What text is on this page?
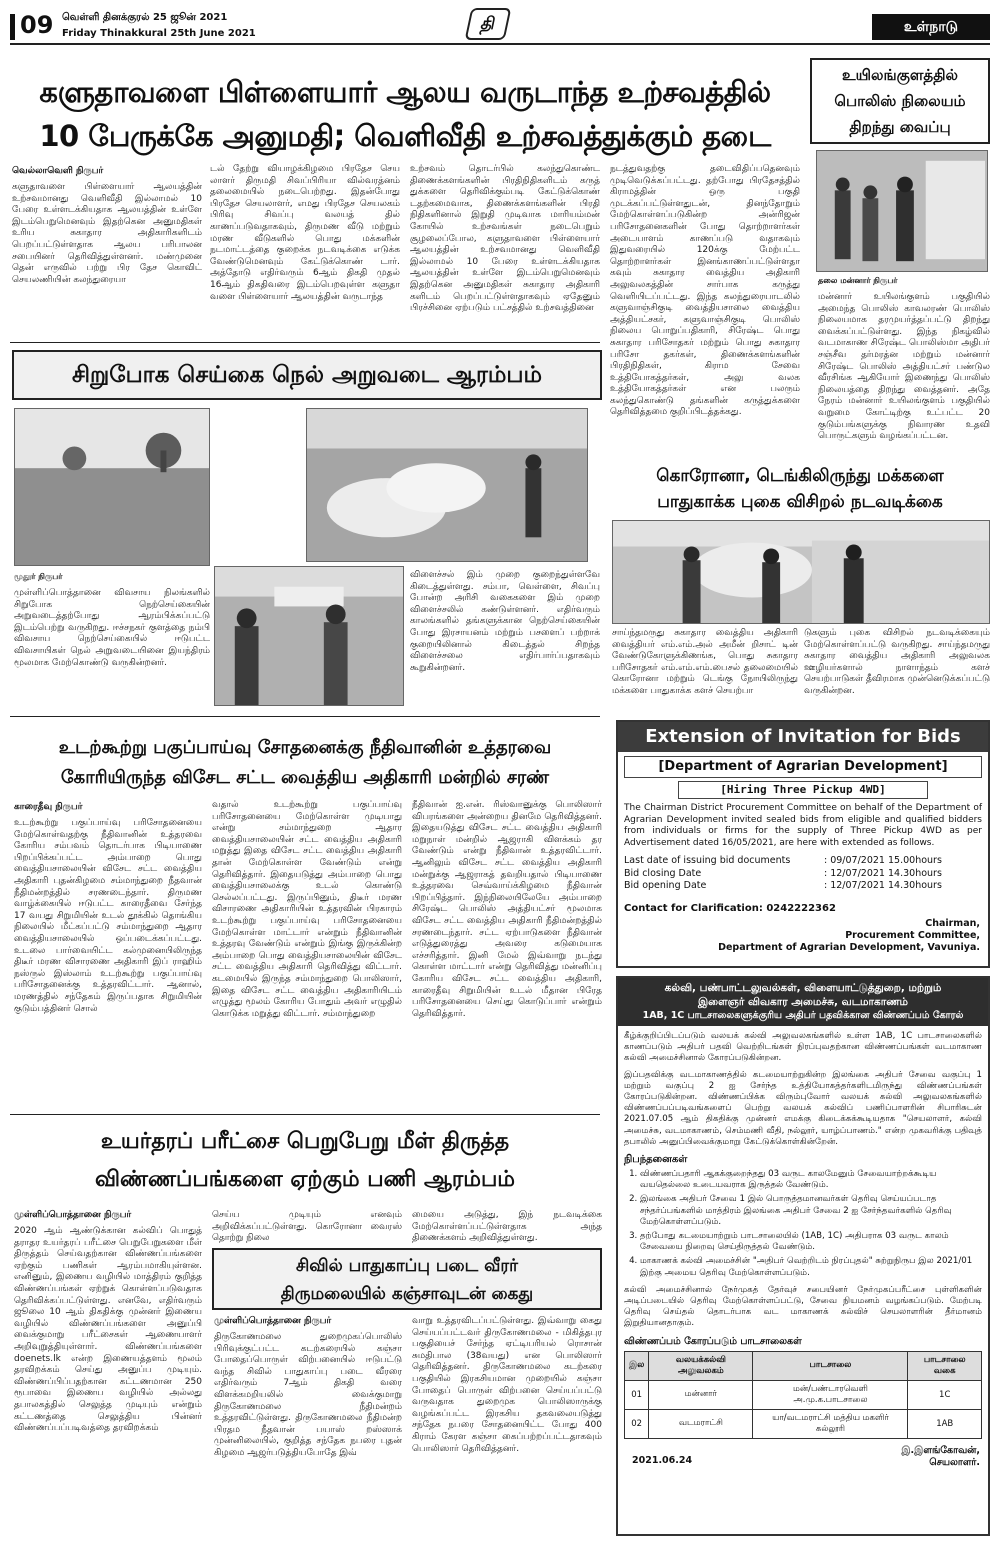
09 வெள்ளி தினக்குரல் 25 ஜூன் 2021
Friday Thinakkural 25th June 2021	தி	உள்நாடு
களுதாவளை பிள்ளையார் ஆலய வருடாந்த உற்சவத்தில்
10 பேருக்கே அனுமதி; வெளிவீதி உற்சவத்துக்கும் தடை
வெல்லாவெளி நிருபர்
களுதாவளை பிள்ளையார் ஆலயத்தின் உற்சவமானது வெளிவீதி இல்லாமல் 10 பேரை உள்ளடக்கியதாக ஆலயத்தின் உள்ளே இடம்பெறுமெனவும் இதற்கென அனுமதிகள் உரிய சுகாதார அதிகாரிகளிடம் பெறப்பட்டுள்ளதாக ஆலய பரிபாலன சபையினர் தெரிவித்துள்ளனர். மண்முனை தென் எருவில் பற்று பிர தேச கொவிட் செயலணியின் கலந்துரையா
டல் தேற்று வியாழக்கிழமை பிரதேச செய லாளர் திருமதி சிவப்பிரியா வில்வரத்னம் தலைமையில் நடைபெற்றது. இதன்போது பிரதேச செயலாளர், எமது பிரதேச செயலகம் பிரிவு சிவப்பு வலயத் தில் காணப்படுவதாகவும், திருமண வீடு மற்றும் மரண வீடுகளில் பொது மக்களின் நடமாட்டத்தை குறைக்க நடவடிக்கை எடுக்க வேண்டுமெனவும் கேட்டுக்கொண் டார். அத்தோடு எதிர்வரும் 6ஆம் திகதி முதல் 16ஆம் திகதிவரை இடம்பெறவுள்ள களுதா வளை பிள்ளையார் ஆலயத்தின் வருடாந்த
உற்சவம் தொடர்பில் கலந்துகொண்ட திணைக்களங்களின் பிரதிநிதிகளிடம் கருத் துக்களை தெரிவிக்கும்படி கேட்டுக்கொண் டதற்கமைவாக, திணைக்களங்களின் பிரதி நிதிகளினால் இறுதி முடிவாக மாரியம்மன் கோயில் உற்சவங்கள் நடைபெறும் சூழலைப்போல, களுதாவளை பிள்ளையார் ஆலயத்தின் உற்சவமானது வெளிவீதி இல்லாமல் 10 பேரை உள்ளடக்கியதாக ஆலயத்தின் உள்ளே இடம்பெறுமெனவும் இதற்கென அனுமதிகள் சுகாதார அதிகாரி களிடம் பெறப்பட்டுள்ளதாகவும் ஏதேனும் பிரச்சினை ஏற்படும் பட்சத்தில் உற்சவத்தினை
நடத்துவதற்கு தடைவிதிப்பதெனவும் முடிவெடுக்கப்பட்டது. தற்போது பிரதேசத்தில் கிராமத்தின் ஒரு பகுதி முடக்கப்பட்டுள்ளதுடன், தினந்தோறும் மேற்கொள்ளப்படுகின்ற அன்ரிஜன் பரிசோதனைகளின் போது தொற்றாளர்கள் அடையாளம் காணப்படு வதாகவும் இதுவரையில் 120க்கு மேற்பட்ட தொற்றாளர்கள் இனங்காணப்பட்டுள்ளதா கவும் சுகாதார வைத்திய அதிகாரி அலுவலகத்தின் சார்பாக கருத்து வெளியிடப்பட்டது. இந்த கலந்துரையாடலில் களுவாஞ்சிகுடி வைத்தியசாலை வைத்திய அத்தியட்சகர், களுவாஞ்சிகுடி பொலிஸ் நிலைய பொறுப்பதிகாரி, சிரேஷ்ட பொது சுகாதார பரிசோதகர் மற்றும் பொது சுகாதார பரிசோ தகர்கள், திணைக்களங்களின் பிரதிநிதிகள், கிராம சேவை உத்தியோகத்தர்கள், அலு வலக உத்தியோகத்தர்கள் என பலரும் கலந்துகொண்டு தங்களின் கருத்துக்களை தெரிவித்தமை குறிப்பிடத்தக்கது.
உயிலங்குளத்தில்
பொலிஸ் நிலையம்
திறந்து வைப்பு
தலை மன்னார் நிருபர்
மன்னார் உயிலங்குளம் பகுதியில் அமைந்த பொலிஸ் காவலரண் பொலிஸ் நிலையமாக தரமுயர்த்தப்பட்டு திறந்து வைக்கப்பட்டுள்ளது. இந்த நிகழ்வில் வடமாகாண சிரேஷ்ட பொலிஸ்மா அதிபர் சஞ்சீவ தர்மரத்ன மற்றும் மன்னார் சிரேஷ்ட பொலிஸ் அத்தியட்சர் பண்டுல வீரசிங்க ஆகியோர் இணைந்து பொலிஸ் நிலையத்தை திறந்து வைத்தனர். அதே நேரம் மன்னார் உயிலங்குளம் பகுதியில் வறுமை கோட்டிற்கு உட்பட்ட 20 குடும்பங்களுக்கு நிவாரண உதவி பொருட்களும் வழங்கப்பட்டன.
சிறுபோக செய்கை நெல் அறுவடை ஆரம்பம்
மூதூர் நிருபர்
முள்ளிப்பொத்தானை விவசாய நிலங்களில் சிறுபோக நெற்செய்கையின் அறுவடைத்தற்போது ஆரம்பிக்கப்பட்டு இடம்பெற்று வருகிறது. ஈச்சநகர் குளத்தை நம்பி விவசாய நெற்செய்கையில் ஈடுபட்ட விவசாயிகள் நெல் அறுவடையினை இயந்திரம் மூலமாக மேற்கொண்டு வருகின்றனர்.
விளைச்சல் இம் முறை குறைந்துள்ளவே கிடைத்துள்ளது. சம்பா, வெள்ளை, சிவப்பு போன்ற அரிசி வகைகளை இம் முறை விளைச்சலில் கண்டுள்ளனர். எதிர்வரும் காலங்களில் தங்களுக்கான நெற்செய்கையின் போது இரசாயனம் மற்றும் பசளைப் பற்றாக் குறையிலினால் கிடைத்தல் சிறந்த விளைச்சலை எதிர்பார்ப்பதாகவும் கூறுகின்றனர்.
கொரோனா, டெங்கிலிருந்து மக்களை
பாதுகாக்க புகை விசிறல் நடவடிக்கை
சாய்ந்தமருது சுகாதார வைத்திய அதிகாரி வைத்தியர் எம்.எம்.அல் அமீன் றிசாட் டின் வேண்டுகோளுக்கிணங்க, பொது சுகாதார பரிசோதகர் எம்.எம்.எம்.பைசல் தலைமையில் கொரோனா மற்றும் டெங்கு நோயிலிருந்து மக்களை பாதுகாக்க களச் செயற்பா
டுகளும் புகை விசிறல் நடவடிக்கையும் மேற்கொள்ளப்பட்டு வருகிறது. சாய்ந்தமருது சுகாதார வைத்திய அதிகாரி அலுவலக ஊழியர்களால் நாளாந்தம் களச் செயற்பாடுகள் தீவிரமாக முன்னெடுக்கப்பட்டு வருகின்றன.
உடற்கூற்று பகுப்பாய்வு சோதனைக்கு நீதிவானின் உத்தரவை
கோரியிருந்த விசேட சட்ட வைத்திய அதிகாரி மன்றில் சரண்
காரைதீவு நிருபர்
உடற்கூற்று பகுப்பாய்வு பரிசோதனையை மேற்கொள்வதற்கு நீதிவானின் உத்தரவை கோரிய சம்பவம் தொடர்பாக பிடியாணை பிறப்பிக்கப்பட்ட அம்பாறை பொது வைத்தியசாலையின் விசேட சட்ட வைத்திய அதிகாரி புதன்கிழமை சம்மாந்துறை நீதவான் நீதிமன்றத்தில் சரணடைந்தார். திருமண வாழ்க்கையில் ஈடுபட்ட காரைதீவை சேர்ந்த 17 வயது சிறுமியின் உடல் தூக்கில் தொங்கிய நிலையில் மீட்கப்பட்டு சம்மாந்துறை ஆதார வைத்தியசாலையில் ஒப்படைக்கப்பட்டது. உடலை பார்வையிட்ட கல்முனையிலிருந்த திடீர் மரண விசாரணை அதிகாரி இப் ராஹிம் நஸ்ருல் இஸ்லாம் உடற்கூற்று பகுப்பாய்வு பரிசோதனைக்கு உத்தரவிட்டார். ஆனால், மரணத்தில் சந்தேகம் இருப்பதாக சிறுமியின் குடும்பத்தினர் சொல்
வதால் உடற்கூற்று பகுப்பாய்வு பரிசோதனையை மேற்கொள்ள முடியாது என்று சம்மாந்துறை ஆதார வைத்தியசாலையின் சட்ட வைத்திய அதிகாரி மறுத்து இதை விசேட சட்ட வைத்திய அதிகாரி தான் மேற்கொள்ள வேண்டும் என்று தெரிவித்தார். இதையடுத்து அம்பாறை பொது வைத்தியசாலைக்கு உடல் கொண்டு செல்லப்பட்டது. இருப்பினும், திடீர் மரண விசாரணை அதிகாரியின் உத்தரவின் பிரகாரம் உடற்கூற்று பகுப்பாய்வு பரிசோதனையை மேற்கொள்ள மாட்டார் என்றும் நீதிவானின் உத்தரவு வேண்டும் என்றும் இங்கு இருக்கின்ற அம்பாறை பொது வைத்தியசாலையின் விசேட சட்ட வைத்திய அதிகாரி தெரிவித்து விட்டார். கடமையில் இருந்த சம்மாந்துறை பொலிஸார், இதை விசேட சட்ட வைத்திய அதிகாரியிடம் எழுத்து மூலம் கோரிய போதும் அவர் எழுதில் கொடுக்க மறுத்து விட்டார். சம்மாந்துறை
நீதிவான் ஐ.என். ரிஸ்வானுக்கு பொலிஸார் விபரங்களை அன்றைய தினமே தெரிவித்தனர். இதையடுத்து விசேட சட்ட வைத்திய அதிகாரி மறுநாள் மன்றில் ஆஜராகி விளக்கம் தர வேண்டும் என்று நீதிவான் உத்தரவிட்டார். ஆனிலும் விசேட சட்ட வைத்திய அதிகாரி மன்றுக்கு ஆஜராகத் தவறியதால் பிடியாணை உத்தரவை செவ்வாய்க்கிழமை நீதிவான் பிறப்பித்தார். இந்நிலையிலேயே அம்பாறை சிரேஷ்ட பொலிஸ் அத்தியட்சர் மூலமாக விசேட சட்ட வைத்திய அதிகாரி நீதிமன்றத்தில் சரணடைந்தார். சட்ட ஏற்பாடுகளை நீதிவான் எடுத்துரைத்து அவரை கடுமையாக எச்சரித்தார். இனி மேல் இவ்வாறு நடந்து கொள்ள மாட்டார் என்று தெரிவித்து மன்னிப்பு கோரிய விசேட சட்ட வைத்திய அதிகாரி, காரைதீவு சிறுமியின் உடல் மீதான பிரேத பரிசோதனையை செய்து கொடுப்பார் என்றும் தெரிவித்தார்.
Extension of Invitation for Bids
[Department of Agrarian Development]
[Hiring Three Pickup 4WD]
The Chairman District Procurement Committee on behalf of the Department of Agrarian Development invited sealed bids from eligible and qualified bidders from individuals or firms for the supply of Three Pickup 4WD as per Advertisement dated 16/05/2021, are here with extended as follows.
Last date of issuing bid documents	: 09/07/2021 15.00hours
Bid closing Date	: 12/07/2021 14.30hours
Bid opening Date	: 12/07/2021 14.30hours
Contact for Clarification: 0242222362
Chairman,
Procurement Committee,
Department of Agrarian Development, Vavuniya.
கல்வி, பண்பாட்டலுவல்கள், விளையாட்டுத்துறை, மற்றும்
இளைஞர் விவகார அமைச்சு, வடமாகாணம்
1AB, 1C பாடசாலைகளுக்குரிய அதிபர் பதவிக்கான விண்ணப்பம் கோரல்
கீழ்க்குறிப்பிடப்படும் வலயக் கல்வி அலுவலகங்களில் உள்ள 1AB, 1C பாடசாலைகளில் காணப்படும் அதிபர் பதவி வெற்றிடங்கள் நிரப்புவதற்கான விண்ணப்பங்கள் வடமாகாண கல்வி அமைச்சினால் கோரப்படுகின்றன.
இப்பதவிக்கு வடமாகாணத்தில் கடமையாற்றுகின்ற இலங்கை அதிபர் சேவை வகுப்பு 1 மற்றும் வகுப்பு 2 ஐ சேர்ந்த உத்தியோகத்தர்களிடமிருந்து விண்ணப்பங்கள் கோரப்படுகின்றன. விண்ணப்பிக்க விரும்புவோர் வலயக் கல்வி அலுவலகங்களில் விண்ணப்பப்படிவங்களைப் பெற்று வலயக் கல்விப் பணிப்பாளரின் சிபாரிசுடன் 2021.07.05 ஆம் திகதிக்கு முன்னர் எமக்கு கிடைக்கக்கூடியதாக "செயலாளர், கல்வி அமைச்சு, வடமாகாணம், செம்மணி வீதி, நல்லூர், யாழ்ப்பாணம்." என்ற முகவரிக்கு பதிவுத் தபாலில் அனுப்பிவைக்குமாறு கேட்டுக்கொள்கின்றேன்.
நிபந்தனைகள்
1. விண்ணப்பதாரி ஆகக்குறைந்தது 03 வருட காலமேனும் சேவையாற்றக்கூடிய வயதெல்லை உடையவராக இருத்தல் வேண்டும்.
2. இலங்கை அதிபர் சேவை 1 இல் பொருத்தமானவர்கள் தெரிவு செய்யப்படாத சந்தர்ப்பங்களில் மாத்திரம் இலங்கை அதிபர் சேவை 2 ஐ சேர்ந்தவர்களில் தெரிவு மேற்கொள்ளப்படும்.
3. தற்போது கடமையாற்றும் பாடசாலையில் (1AB, 1C) அதிபராக 03 வருட காலம் சேவையை நிறைவு செய்திருத்தல் வேண்டும்.
4. மாகாணக் கல்வி அமைச்சின் "அதிபர் வெற்றிடம் நிரப்புதல்" சுற்றுநிருப இல 2021/01 இற்கு அமைய தெரிவு மேற்கொள்ளப்படும்.
கல்வி அமைச்சினால் நேர்முகத் தேர்வுச் சபையினர் நேர்முகப்பரீட்சை புள்ளிகளின் அடிப்படையில் தெரிவு மேற்கொள்ளப்பட்டு, சேவை நியமனம் வழங்கப்படும். மேற்படி தெரிவு செய்தல் தொடர்பாக வட மாகாணக் கல்விச் செயலாளரின் தீர்மானம் இறுதியானதாகும்.
விண்ணப்பம் கோரப்படும் பாடசாலைகள்
இல	வலயக்கல்வி அலுவலகம்	பாடசாலை	பாடசாலை வகை
01	மன்னார்	மன்/பண்டாரவெளி அ.மு.க.பாடசாலை	1C
02	வடமராட்சி	யா/வடமராட்சி மத்திய மகளிர் கல்லூரி	1AB
இ.இளங்கோவன்,
செயலாளர்.
2021.06.24
உயர்தரப் பரீட்சை பெறுபேறு மீள் திருத்த
விண்ணப்பங்களை ஏற்கும் பணி ஆரம்பம்
முள்ளிப்பொத்தானை நிருபர்
2020 ஆம் ஆண்டுக்கான கல்விப் பொதுத் தராதர உயர்தரப் பரீட்சை பெறுபேறுகளை மீள் திருத்தம் செய்வதற்கான விண்ணப்பங்களை ஏற்கும் பணிகள் ஆரம்பமாகியுள்ளன. எனினும், இணைய வழியில் மாத்திரம் குறித்த விண்ணப்பங்கள் ஏற்றுக் கொள்ளப்படுவதாக தெரிவிக்கப்பட்டுள்ளது. எனவே, எதிர்வரும் ஜூலை 10 ஆம் திகதிக்கு முன்னர் இணைய வழியில் விண்ணப்பங்களை அனுப்பி வைக்குமாறு பரீட்சைகள் ஆணையாளர் அறிவுறுத்தியுள்ளார். விண்ணப்பங்களை doenets.lk என்ற இணையத்தளம் மூலம் தரவிறக்கம் செய்து அனுப்ப முடியும். விண்ணப்பிப்பதற்கான கட்டணமான 250 ரூபாவை இணைய வழியில் அல்லது தபாலகத்தில் செலுத்த முடியும் என்றும் கட்டணத்தை செலுத்திய பின்னர் விண்ணப்பப்படிவத்தை தரவிறக்கம்
செய்ய முடியும் எனவும் அறிவிக்கப்பட்டுள்ளது. கொரோனா வைரஸ் தொற்று நிலை
மையை அடுத்து, இந் நடவடிக்கை மேற்கொள்ளப்பட்டுள்ளதாக அந்த திணைக்களம் அறிவித்துள்ளது.
சிவில் பாதுகாப்பு படை வீரர்
திருமலையில் கஞ்சாவுடன் கைது
முள்ளிப்பொத்தானை நிருபர்
திருகோணமலை துறைமுகப்பொலிஸ் பிரிவுக்குட்பட்ட கடற்கரையில் கஞ்சா போதைப்பொருள் விற்பனையில் ஈடுபட்டு வந்த சிவில் பாதுகாப்பு படை வீரரை எதிர்வரும் 7ஆம் திகதி வரை விளக்கமறியலில் வைக்குமாறு திருகோணமலை நீதிமன்றம் உத்தரவிட்டுள்ளது. திருகோணமலை நீதிமன்ற பிரதம நீதவான் பயாஸ் றஸ்ஸாக் முன்னிலையில், குறித்த சந்தேக நபரை புதன் கிழமை ஆஜர்படுத்தியபோதே இவ்
வாறு உத்தரவிடப்பட்டுள்ளது. இவ்வாறு கைது செய்யப்பட்டவர் திருகோணமலை - மிகித்தபுர பகுதியைச் சேர்ந்த ஏட்டியரியல் ரொசான் சுமதிபால (38வயது) என பொலிஸார் தெரிவித்தனர். திருகோணமலை கடற்கரை பகுதியில் இரகசியமான முறையில் கஞ்சா போதைப் பொருள் விற்பனை செய்யப்பட்டு வருவதாக துறைமுக பொலிஸாருக்கு வழங்கப்பட்ட இரகசிய தகவலையடுத்து சந்தேக நபரை சோதனையிட்ட போது 400 கிராம் கேரள கஞ்சா கைப்பற்றப்பட்டதாகவும் பொலிஸார் தெரிவித்தனர்.
